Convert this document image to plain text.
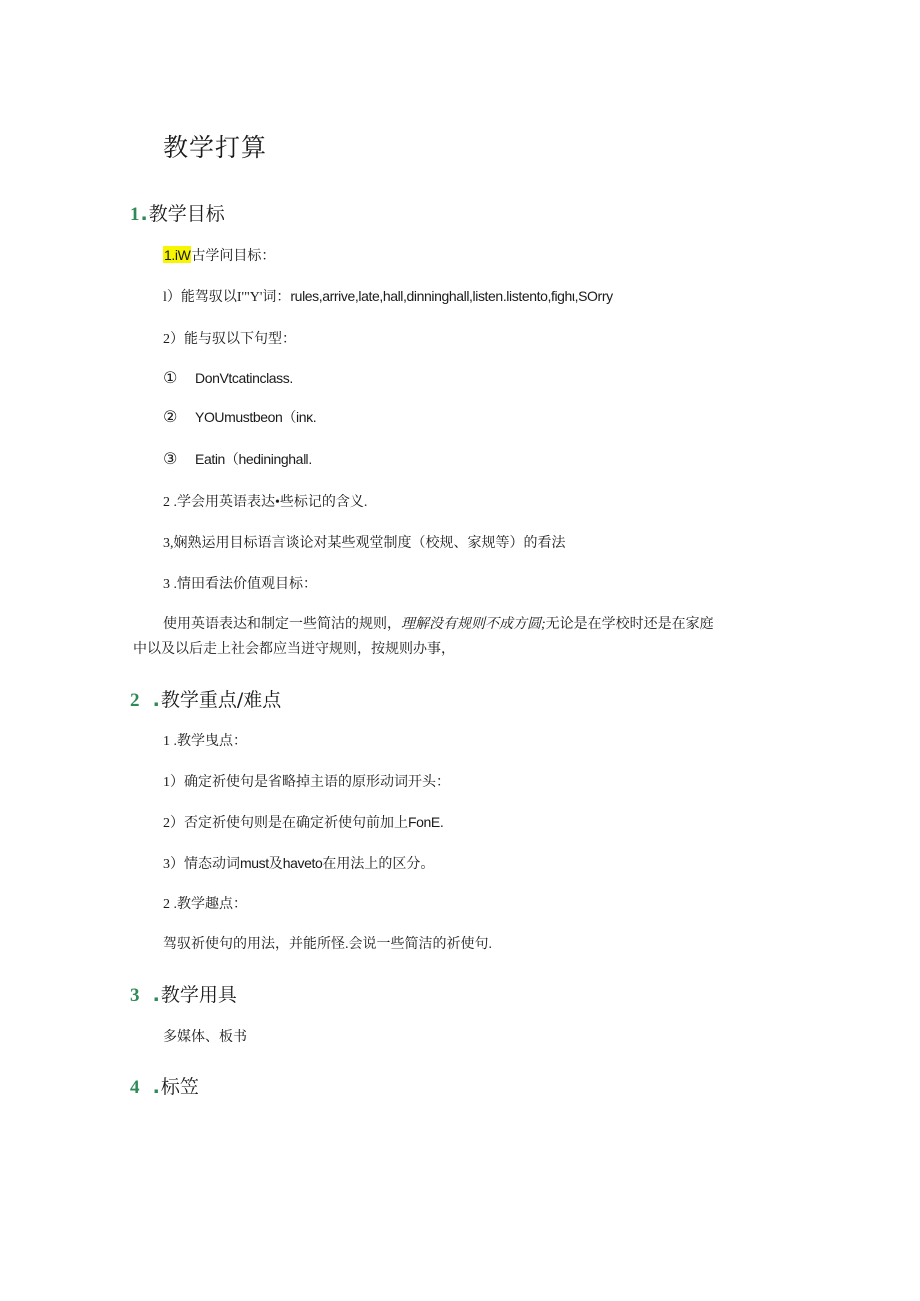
教学打算
1.教学目标
1.iW古学问目标：
l）能驾驭以I'"Y'词：rules,arrive,late,hall,dinninghall,listen.listento,fighι,SOrry
2）能与驭以下句型：
① DonVtcatinclass.
② YOUmustbeon（inκ.
③ Eatin（hediningha‖.
2 .学会用英语表达•些标记的含义.
3,娴熟运用目标语言谈论对某些观堂制度（校规、家规等）的看法
3 .情田看法价值观目标：
使用英语表达和制定一些简沽的规则，理解没有规则不成方圆;无论是在学校时还是在家庭
中以及以后走上社会都应当迸守规则，按规则办事，
2 .教学重点/难点
1 .教学曳点：
1）确定祈使句是省略掉主语的原形动词开头：
2）否定祈使句则是在确定祈使句前加上FonE.
3）情态动词must及haveto在用法上的区分。
2 .教学趣点：
驾驭祈使句的用法，并能所怪.会说一些简洁的祈使句.
3 .教学用具
多媒体、板书
4 .标笠
